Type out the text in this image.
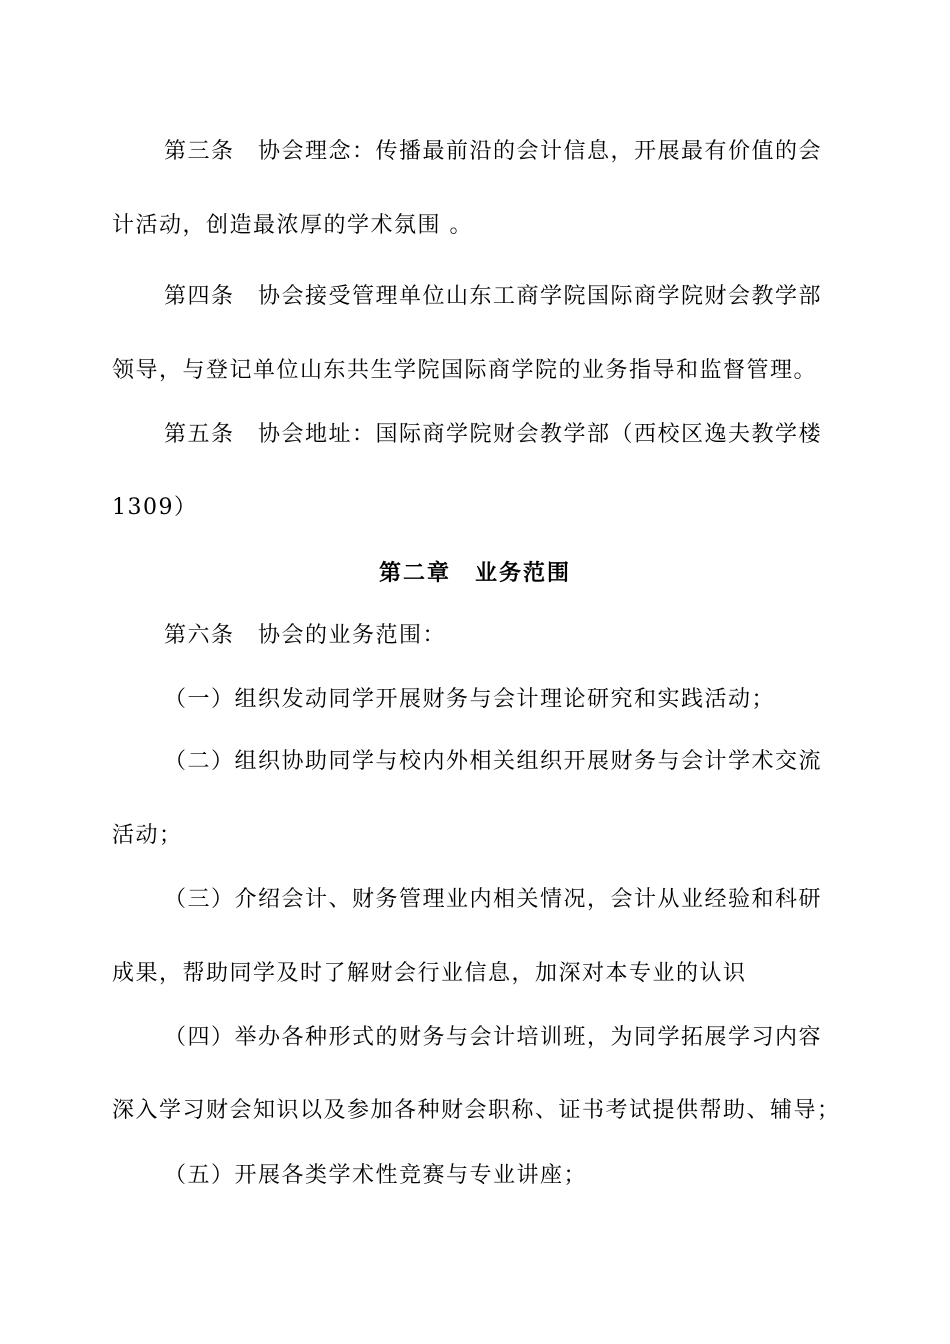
第三条　协会理念：传播最前沿的会计信息，开展最有价值的会
计活动，创造最浓厚的学术氛围 。
第四条　协会接受管理单位山东工商学院国际商学院财会教学部
领导，与登记单位山东共生学院国际商学院的业务指导和监督管理。
第五条　协会地址：国际商学院财会教学部（西校区逸夫教学楼
1309）
第二章　业务范围
第六条　协会的业务范围：
（一）组织发动同学开展财务与会计理论研究和实践活动；
（二）组织协助同学与校内外相关组织开展财务与会计学术交流
活动；
（三）介绍会计、财务管理业内相关情况，会计从业经验和科研
成果，帮助同学及时了解财会行业信息，加深对本专业的认识
（四）举办各种形式的财务与会计培训班，为同学拓展学习内容
深入学习财会知识以及参加各种财会职称、证书考试提供帮助、辅导；
（五）开展各类学术性竞赛与专业讲座；
